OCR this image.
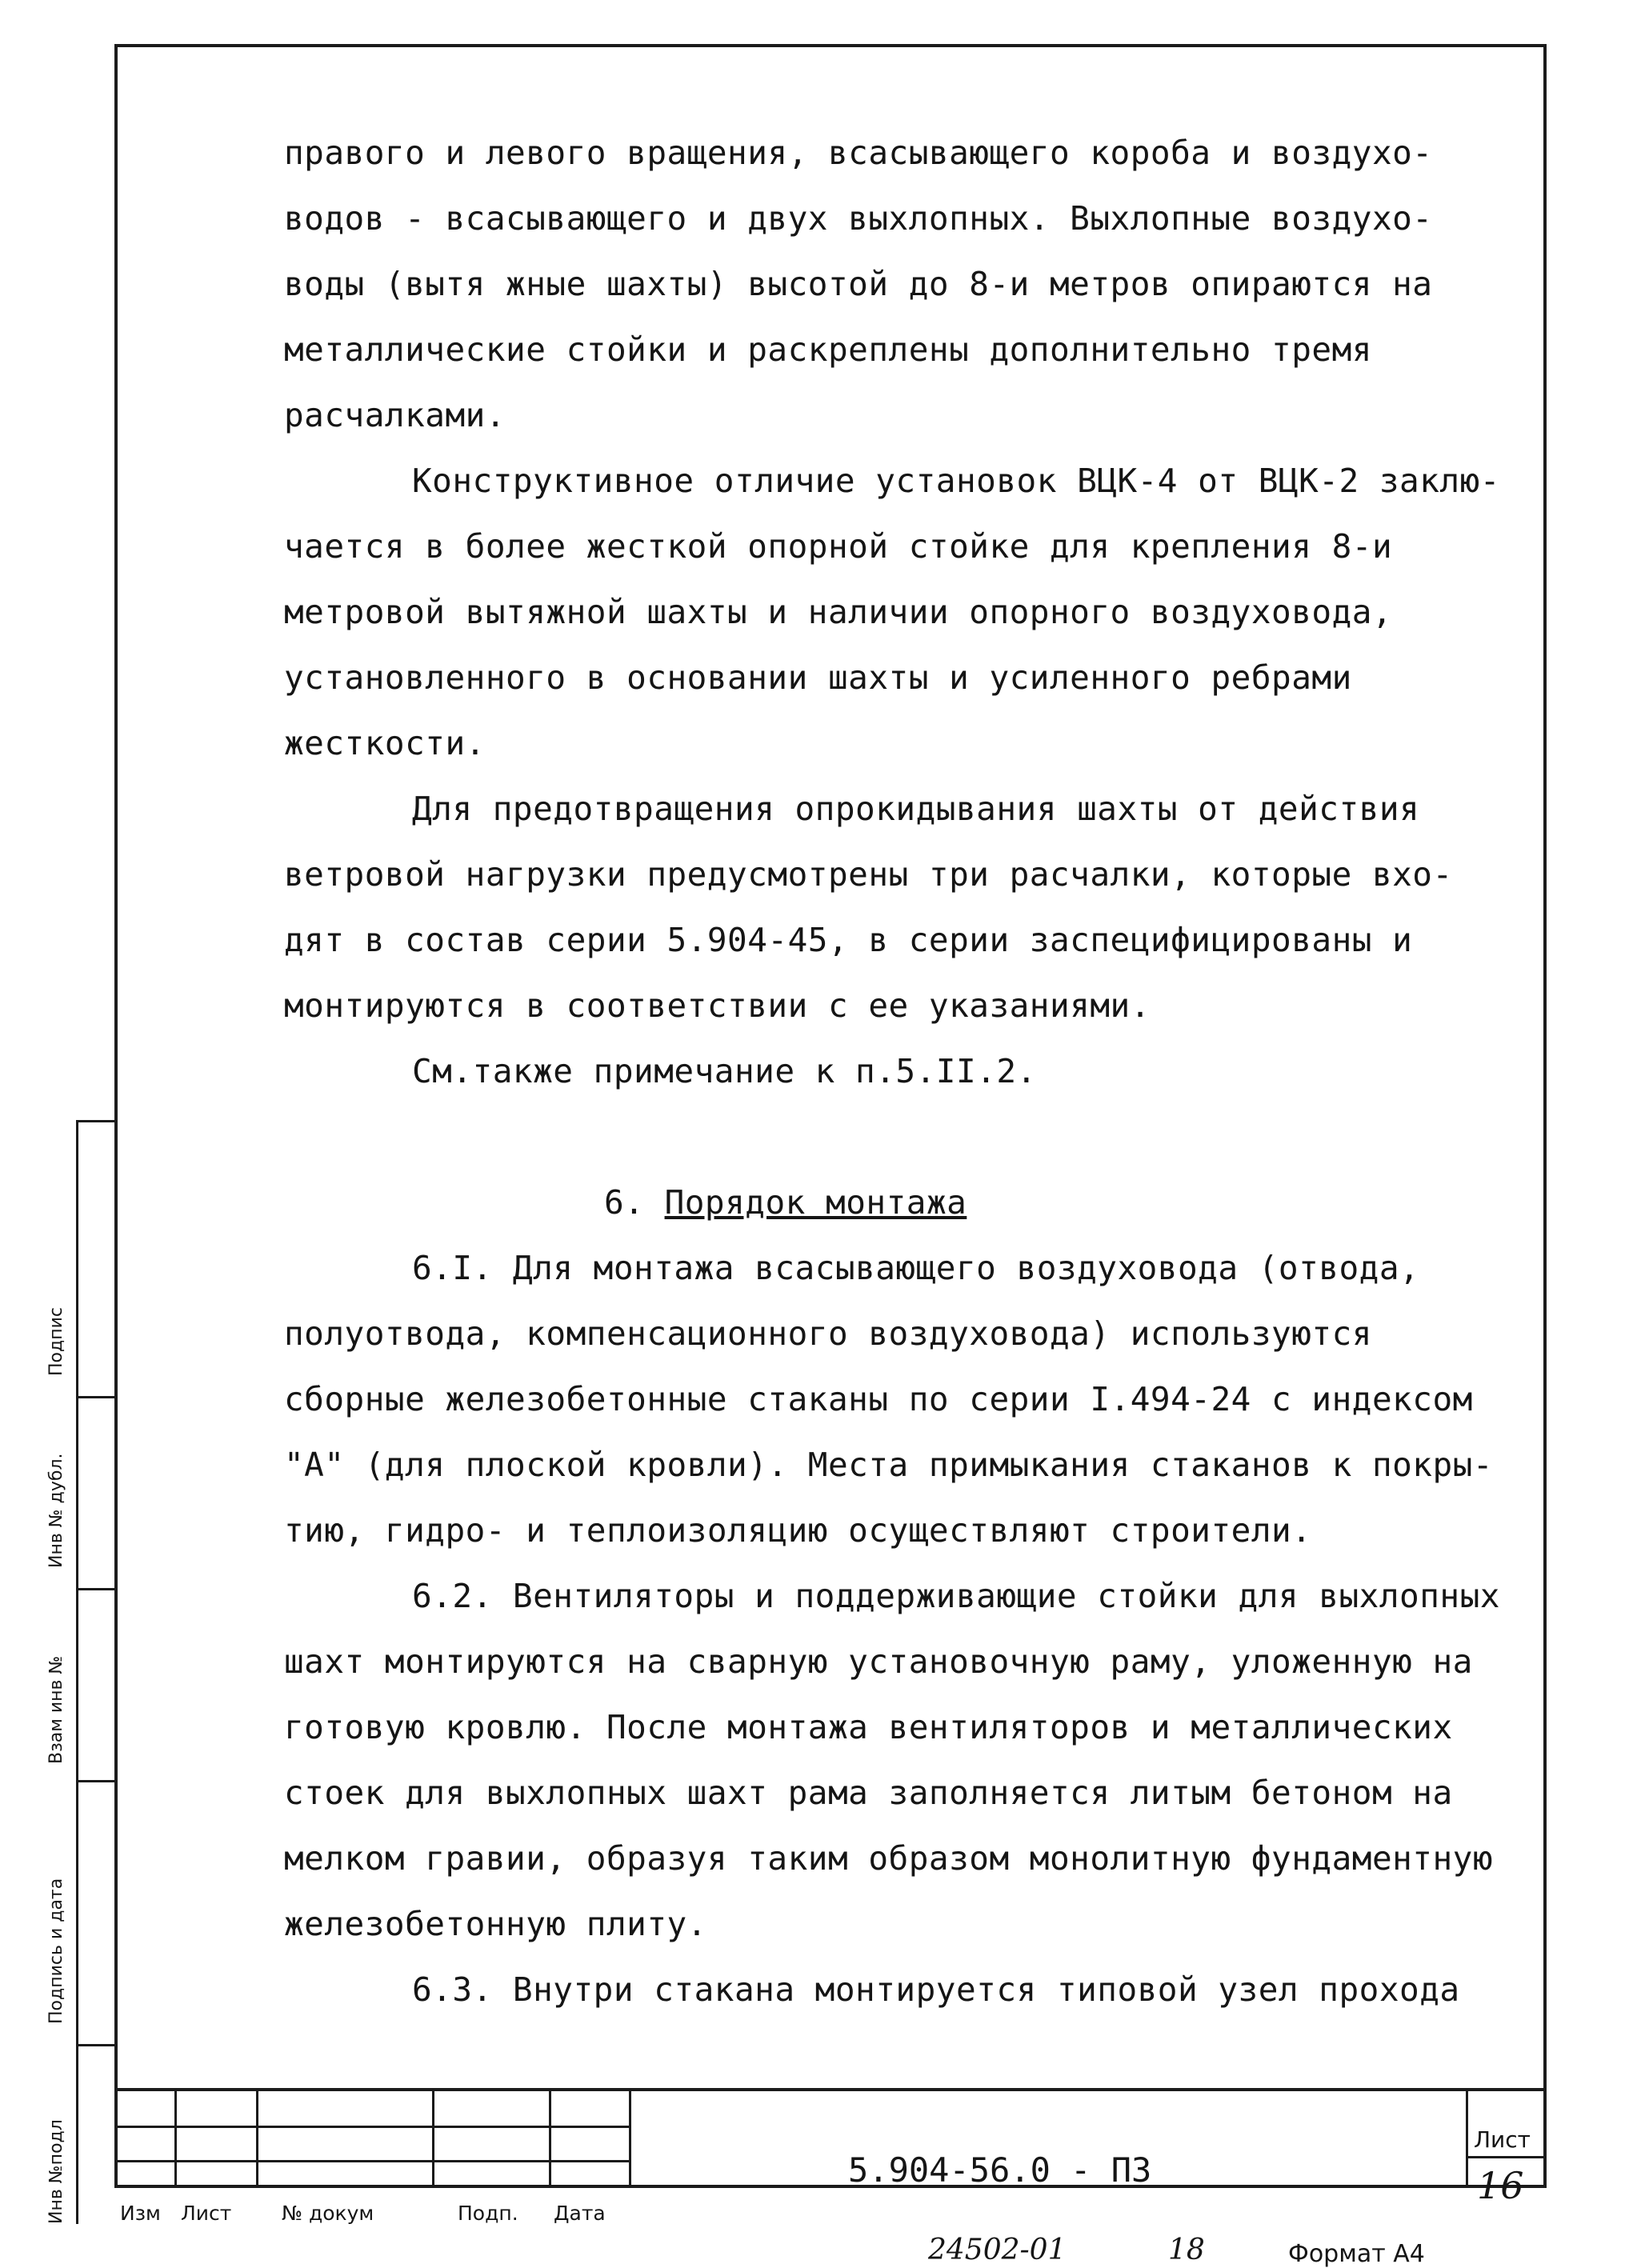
правого и левого вращения, всасывающего короба и воздухо-
водов - всасывающего и двух выхлопных. Выхлопные воздухо-
воды (вытя жные шахты) высотой до 8-и метров опираются на
металлические стойки и раскреплены дополнительно тремя
расчалками.
Конструктивное отличие установок ВЦК-4 от ВЦК-2 заклю-
чается в более жесткой опорной стойке для крепления 8-и
метровой вытяжной шахты и наличии опорного воздуховода,
установленного в основании шахты и усиленного ребрами
жесткости.
Для предотвращения опрокидывания шахты от действия
ветровой нагрузки предусмотрены три расчалки, которые вхо-
дят в состав серии 5.904-45, в серии заспецифицированы и
монтируются в соответствии с ее указаниями.
См.также примечание к п.5.II.2.
6. Порядок монтажа
6.I. Для монтажа всасывающего воздуховода (отвода,
полуотвода, компенсационного воздуховода) используются
сборные железобетонные стаканы по серии I.494-24 с индексом
"А" (для плоской кровли). Места примыкания стаканов к покры-
тию, гидро- и теплоизоляцию осуществляют строители.
6.2. Вентиляторы и поддерживающие стойки для выхлопных
шахт монтируются на сварную установочную раму, уложенную на
готовую кровлю. После монтажа вентиляторов и металлических
стоек для выхлопных шахт рама заполняется литым бетоном на
мелком гравии, образуя таким образом монолитную фундаментную
железобетонную плиту.
6.3. Внутри стакана монтируется типовой узел прохода
Изм Лист	№ докум	Подп. Дата
5.904-56.0 - ПЗ
Лист
16
24502-01	18	Формат А4
Подпис
Инв № дубл.
Взам инв №
Подпись и дата
Инв №подл
